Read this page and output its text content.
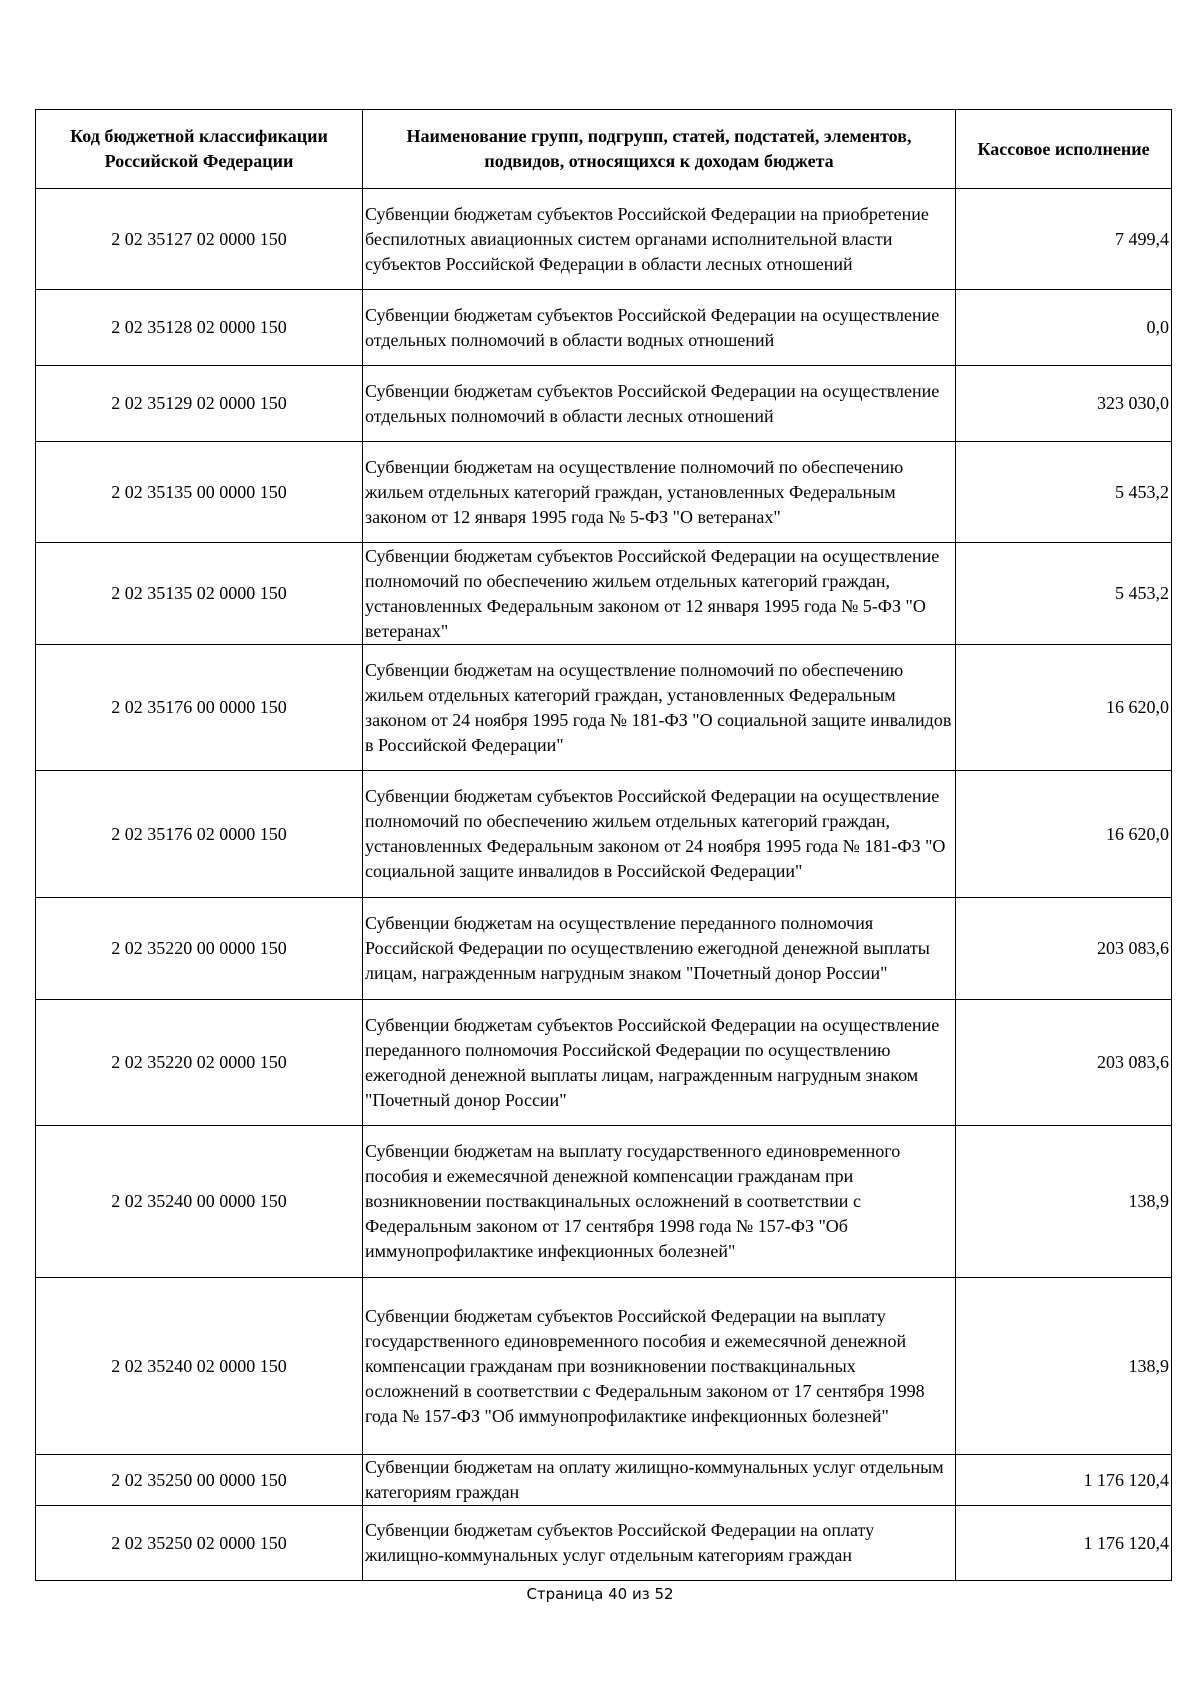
Код бюджетной классификации Российской Федерации	Наименование групп, подгрупп, статей, подстатей, элементов, подвидов, относящихся к доходам бюджета	Кассовое исполнение
2 02 35127 02 0000 150	Субвенции бюджетам субъектов Российской Федерации на приобретение беспилотных авиационных систем органами исполнительной власти субъектов Российской Федерации в области лесных отношений	7 499,4
2 02 35128 02 0000 150	Субвенции бюджетам субъектов Российской Федерации на осуществление отдельных полномочий в области водных отношений	0,0
2 02 35129 02 0000 150	Субвенции бюджетам субъектов Российской Федерации на осуществление отдельных полномочий в области лесных отношений	323 030,0
2 02 35135 00 0000 150	Субвенции бюджетам на осуществление полномочий по обеспечению жильем отдельных категорий граждан, установленных Федеральным законом от 12 января 1995 года № 5-ФЗ "О ветеранах"	5 453,2
2 02 35135 02 0000 150	Субвенции бюджетам субъектов Российской Федерации на осуществление полномочий по обеспечению жильем отдельных категорий граждан, установленных Федеральным законом от 12 января 1995 года № 5-ФЗ "О ветеранах"	5 453,2
2 02 35176 00 0000 150	Субвенции бюджетам на осуществление полномочий по обеспечению жильем отдельных категорий граждан, установленных Федеральным законом от 24 ноября 1995 года № 181-ФЗ "О социальной защите инвалидов в Российской Федерации"	16 620,0
2 02 35176 02 0000 150	Субвенции бюджетам субъектов Российской Федерации на осуществление полномочий по обеспечению жильем отдельных категорий граждан, установленных Федеральным законом от 24 ноября 1995 года № 181-ФЗ "О социальной защите инвалидов в Российской Федерации"	16 620,0
2 02 35220 00 0000 150	Субвенции бюджетам на осуществление переданного полномочия Российской Федерации по осуществлению ежегодной денежной выплаты лицам, награжденным нагрудным знаком "Почетный донор России"	203 083,6
2 02 35220 02 0000 150	Субвенции бюджетам субъектов Российской Федерации на осуществление переданного полномочия Российской Федерации по осуществлению ежегодной денежной выплаты лицам, награжденным нагрудным знаком "Почетный донор России"	203 083,6
2 02 35240 00 0000 150	Субвенции бюджетам на выплату государственного единовременного пособия и ежемесячной денежной компенсации гражданам при возникновении поствакцинальных осложнений в соответствии с Федеральным законом от 17 сентября 1998 года № 157-ФЗ "Об иммунопрофилактике инфекционных болезней"	138,9
2 02 35240 02 0000 150	Субвенции бюджетам субъектов Российской Федерации на выплату государственного единовременного пособия и ежемесячной денежной компенсации гражданам при возникновении поствакцинальных осложнений в соответствии с Федеральным законом от 17 сентября 1998 года № 157-ФЗ "Об иммунопрофилактике инфекционных болезней"	138,9
2 02 35250 00 0000 150	Субвенции бюджетам на оплату жилищно-коммунальных услуг отдельным категориям граждан	1 176 120,4
2 02 35250 02 0000 150	Субвенции бюджетам субъектов Российской Федерации на оплату жилищно-коммунальных услуг отдельным категориям граждан	1 176 120,4
Страница 40 из 52
